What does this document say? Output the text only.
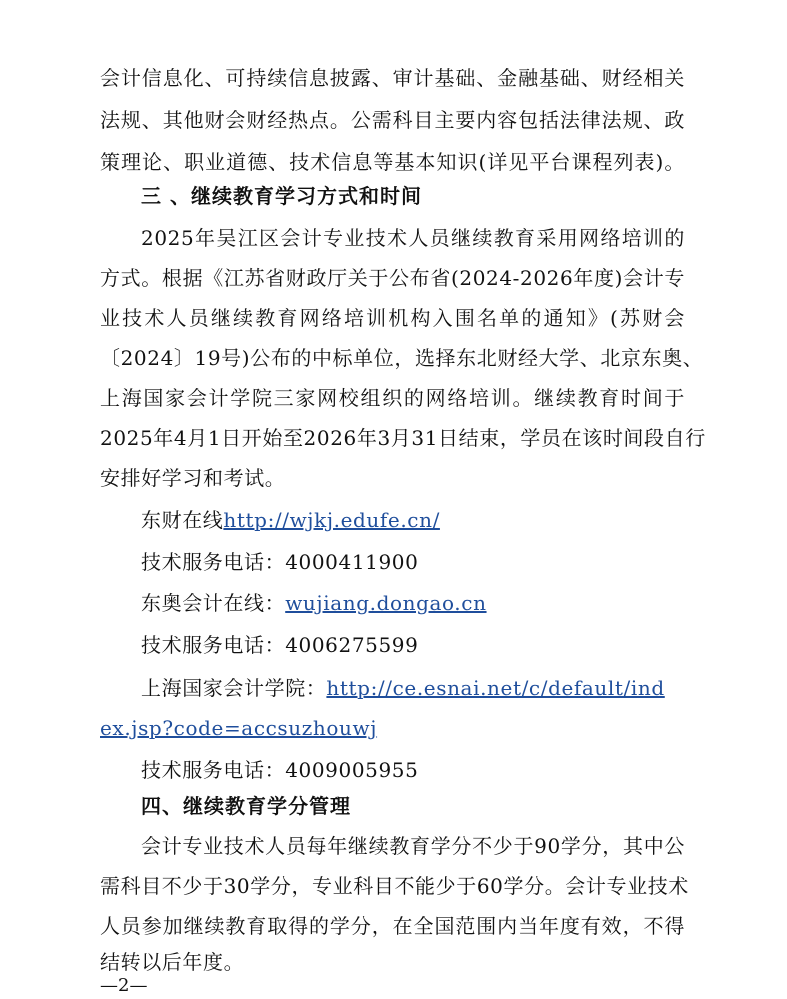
会计信息化、可持续信息披露、审计基础、金融基础、财经相关
法规、其他财会财经热点。公需科目主要内容包括法律法规、政
策理论、职业道德、技术信息等基本知识(详见平台课程列表)。
三 、继续教育学习方式和时间
2025年吴江区会计专业技术人员继续教育采用网络培训的
方式。根据《江苏省财政厅关于公布省(2024-2026年度)会计专
业技术人员继续教育网络培训机构入围名单的通知》(苏财会
〔2024〕19号)公布的中标单位，选择东北财经大学、北京东奥、
上海国家会计学院三家网校组织的网络培训。继续教育时间于
2025年4月1日开始至2026年3月31日结束，学员在该时间段自行
安排好学习和考试。
东财在线http://wjkj.edufe.cn/
技术服务电话：4000411900
东奥会计在线：wujiang.dongao.cn
技术服务电话：4006275599
上海国家会计学院：http://ce.esnai.net/c/default/ind
ex.jsp?code=accsuzhouwj
技术服务电话：4009005955
四、继续教育学分管理
会计专业技术人员每年继续教育学分不少于90学分，其中公
需科目不少于30学分，专业科目不能少于60学分。会计专业技术
人员参加继续教育取得的学分，在全国范围内当年度有效，不得
结转以后年度。
—2—
